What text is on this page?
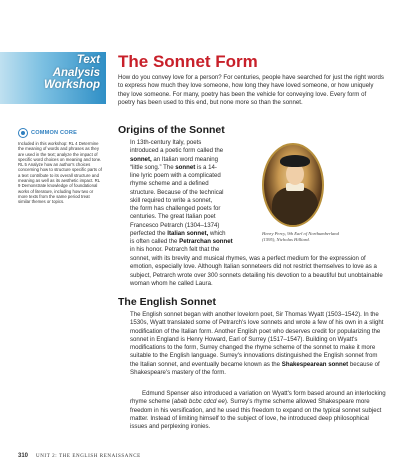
Text
Analysis
Workshop
The Sonnet Form

How do you convey love for a person? For centuries, people have searched for just the right words to express how much they love someone, how long they have loved someone, or how uniquely they love someone. For many, poetry has been the vehicle for conveying love. Every form of poetry has been used to this end, but none more so than the sonnet.

COMMON CORE
Included in this workshop: RL 4 Determine the meaning of words and phrases as they are used in the text; analyze the impact of specific word choices on meaning and tone. RL 5 Analyze how an author's choices concerning how to structure specific parts of a text contribute to its overall structure and meaning as well as its aesthetic impact. RL 9 Demonstrate knowledge of foundational works of literature, including how two or more texts from the same period treat similar themes or topics.
Origins of the Sonnet
In 13th-century Italy, poets
introduced a poetic form called the
sonnet, an Italian word meaning
“little song.” The sonnet is a 14-
line lyric poem with a complicated
rhyme scheme and a defined
structure. Because of the technical
skill required to write a sonnet,
the form has challenged poets for
centuries. The great Italian poet
Francesco Petrarch (1304–1374)
perfected the Italian sonnet, which
is often called the Petrarchan sonnet
in his honor. Petrarch felt that the
Henry Percy, 9th Earl of Northumberland (1595), Nicholas Hilliard.

sonnet, with its brevity and musical rhymes, was a perfect medium for the expression of emotion, especially love. Although Italian sonneteers did not restrict themselves to love as a subject, Petrarch wrote over 300 sonnets detailing his devotion to a beautiful but unobtainable woman whom he called Laura.

The English Sonnet

The English sonnet began with another lovelorn poet, Sir Thomas Wyatt (1503–1542). In the 1530s, Wyatt translated some of Petrarch's love sonnets and wrote a few of his own in a slight modification of the Italian form. Another English poet who deserves credit for popularizing the sonnet in England is Henry Howard, Earl of Surrey (1517–1547). Building on Wyatt's modifications to the form, Surrey changed the rhyme scheme of the sonnet to make it more suitable to the English language. Surrey's innovations distinguished the English sonnet from the Italian sonnet, and eventually became known as the Shakespearean sonnet because of Shakespeare's mastery of the form.

Edmund Spenser also introduced a variation on Wyatt's form based around an interlocking rhyme scheme (abab bcbc cdcd ee). Surrey's rhyme scheme allowed Shakespeare more freedom in his versification, and he used this freedom to expand on the typical sonnet subject matter. Instead of limiting himself to the subject of love, he introduced deep philosophical issues and perplexing ironies.

310 UNIT 2: THE ENGLISH RENAISSANCE
